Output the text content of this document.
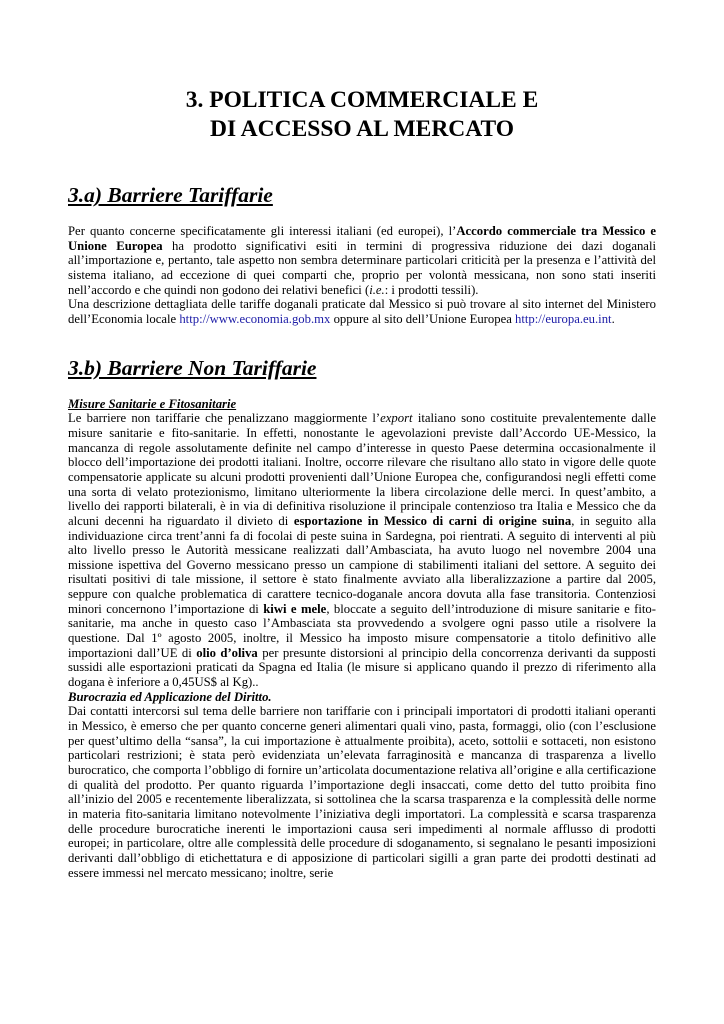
3. POLITICA COMMERCIALE E
DI ACCESSO AL MERCATO
3.a) Barriere Tariffarie

Per quanto concerne specificatamente gli interessi italiani (ed europei), l’Accordo commerciale tra Messico e Unione Europea ha prodotto significativi esiti in termini di progressiva riduzione dei dazi doganali all’importazione e, pertanto, tale aspetto non sembra determinare particolari criticità per la presenza e l’attività del sistema italiano, ad eccezione di quei comparti che, proprio per volontà messicana, non sono stati inseriti nell’accordo e che quindi non godono dei relativi benefici (i.e.: i prodotti tessili).

Una descrizione dettagliata delle tariffe doganali praticate dal Messico si può trovare al sito internet del Ministero dell’Economia locale http://www.economia.gob.mx oppure al sito dell’Unione Europea http://europa.eu.int.

3.b) Barriere Non Tariffarie
Misure Sanitarie e Fitosanitarie

Le barriere non tariffarie che penalizzano maggiormente l’export italiano sono costituite prevalentemente dalle misure sanitarie e fito-sanitarie. In effetti, nonostante le agevolazioni previste dall’Accordo UE-Messico, la mancanza di regole assolutamente definite nel campo d’interesse in questo Paese determina occasionalmente il blocco dell’importazione dei prodotti italiani. Inoltre, occorre rilevare che risultano allo stato in vigore delle quote compensatorie applicate su alcuni prodotti provenienti dall’Unione Europea che, configurandosi negli effetti come una sorta di velato protezionismo, limitano ulteriormente la libera circolazione delle merci. In quest’ambito, a livello dei rapporti bilaterali, è in via di definitiva risoluzione il principale contenzioso tra Italia e Messico che da alcuni decenni ha riguardato il divieto di esportazione in Messico di carni di origine suina, in seguito alla individuazione circa trent’anni fa di focolai di peste suina in Sardegna, poi rientrati. A seguito di interventi al più alto livello presso le Autorità messicane realizzati dall’Ambasciata, ha avuto luogo nel novembre 2004 una missione ispettiva del Governo messicano presso un campione di stabilimenti italiani del settore. A seguito dei risultati positivi di tale missione, il settore è stato finalmente avviato alla liberalizzazione a partire dal 2005, seppure con qualche problematica di carattere tecnico-doganale ancora dovuta alla fase transitoria. Contenziosi minori concernono l’importazione di kiwi e mele, bloccate a seguito dell’introduzione di misure sanitarie e fito-sanitarie, ma anche in questo caso l’Ambasciata sta provvedendo a svolgere ogni passo utile a risolvere la questione. Dal 1º agosto 2005, inoltre, il Messico ha imposto misure compensatorie a titolo definitivo alle importazioni dall’UE di olio d’oliva per presunte distorsioni al principio della concorrenza derivanti da supposti sussidi alle esportazioni praticati da Spagna ed Italia (le misure si applicano quando il prezzo di riferimento alla dogana è inferiore a 0,45US$ al Kg)..

Burocrazia ed Applicazione del Diritto.

Dai contatti intercorsi sul tema delle barriere non tariffarie con i principali importatori di prodotti italiani operanti in Messico, è emerso che per quanto concerne generi alimentari quali vino, pasta, formaggi, olio (con l’esclusione per quest’ultimo della “sansa”, la cui importazione è attualmente proibita), aceto, sottolii e sottaceti, non esistono particolari restrizioni; è stata però evidenziata un’elevata farraginosità e mancanza di trasparenza a livello burocratico, che comporta l’obbligo di fornire un’articolata documentazione relativa all’origine e alla certificazione di qualità del prodotto. Per quanto riguarda l’importazione degli insaccati, come detto del tutto proibita fino all’inizio del 2005 e recentemente liberalizzata, si sottolinea che la scarsa trasparenza e la complessità delle norme in materia fito-sanitaria limitano notevolmente l’iniziativa degli importatori. La complessità e scarsa trasparenza delle procedure burocratiche inerenti le importazioni causa seri impedimenti al normale afflusso di prodotti europei; in particolare, oltre alle complessità delle procedure di sdoganamento, si segnalano le pesanti imposizioni derivanti dall’obbligo di etichettatura e di apposizione di particolari sigilli a gran parte dei prodotti destinati ad essere immessi nel mercato messicano; inoltre, serie
